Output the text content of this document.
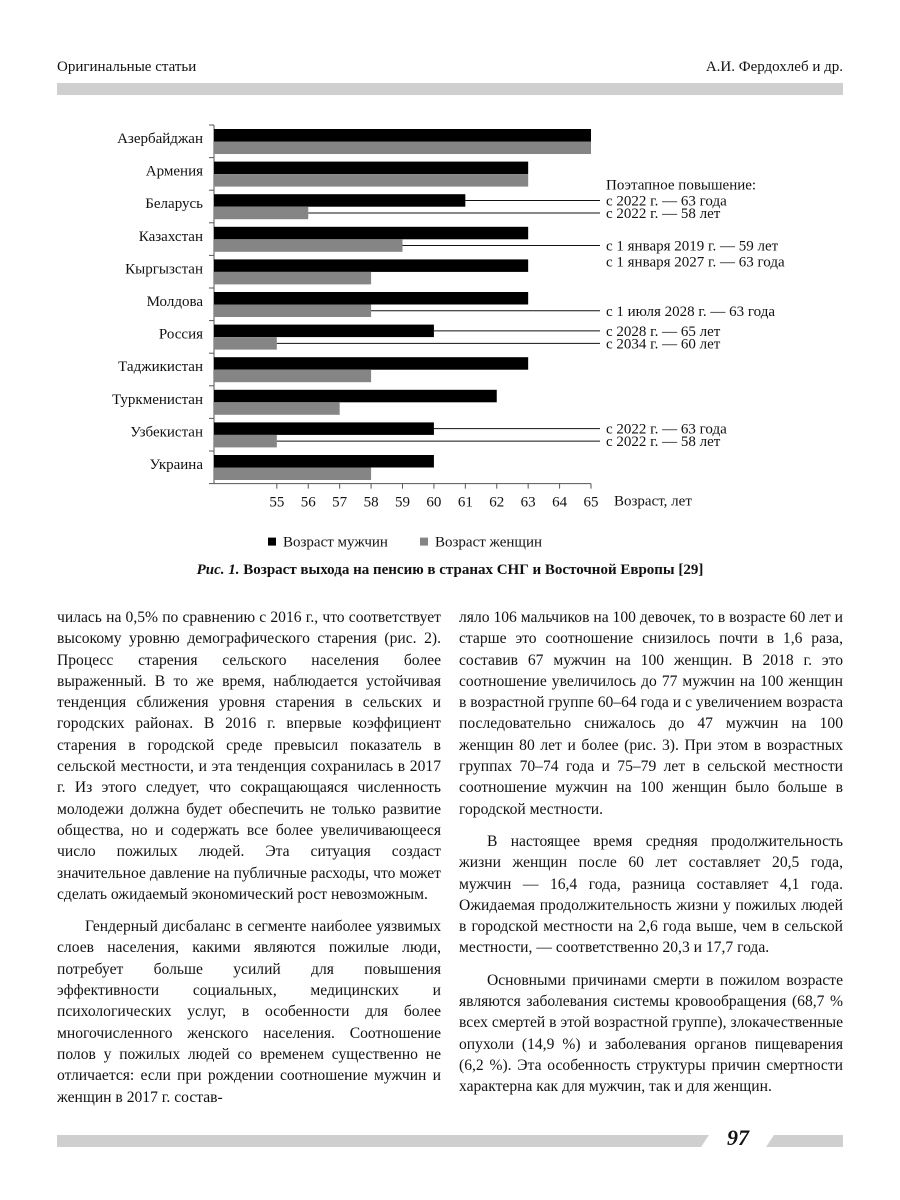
Оригинальные статьи	А.И. Фердохлеб и др.
55 56 57 58 59 60 61 62 63 64 65 Возраст, лет
Азербайджан
Армения
Беларусь
Казахстан
Кыргызстан
Молдова
Россия
Таджикистан
Туркменистан
Узбекистан
Украина
Поэтапное повышение:
с 2022 г. — 63 года
с 2022 г. — 58 лет
с 1 января 2019 г. — 59 лет
с 1 января 2027 г. — 63 года
с 1 июля 2028 г. — 63 года
с 2028 г. — 65 лет
с 2034 г. — 60 лет
с 2022 г. — 63 года
с 2022 г. — 58 лет
Возраст мужчин	Возраст женщин
Рис. 1. Возраст выхода на пенсию в странах СНГ и Восточной Европы [29]

чилась на 0,5% по сравнению с 2016 г., что соответствует высокому уровню демографического старения (рис. 2). Процесс старения сельского населения более выраженный. В то же время, наблюдается устойчивая тенденция сближения уровня старения в сельских и городских районах. В 2016 г. впервые коэффициент старения в городской среде превысил показатель в сельской местности, и эта тенденция сохранилась в 2017 г. Из этого следует, что сокращающаяся численность молодежи должна будет обеспечить не только развитие общества, но и содержать все более увеличивающееся число пожилых людей. Эта ситуация создаст значительное давление на публичные расходы, что может сделать ожидаемый экономический рост невозможным.

Гендерный дисбаланс в сегменте наиболее уязвимых слоев населения, какими являются пожилые люди, потребует больше усилий для повышения эффективности социальных, медицинских и психологических услуг, в особенности для более многочисленного женского населения. Соотношение полов у пожилых людей со временем существенно не отличается: если при рождении соотношение мужчин и женщин в 2017 г. состав-

ляло 106 мальчиков на 100 девочек, то в возрасте 60 лет и старше это соотношение снизилось почти в 1,6 раза, составив 67 мужчин на 100 женщин. В 2018 г. это соотношение увеличилось до 77 мужчин на 100 женщин в возрастной группе 60–64 года и с увеличением возраста последовательно снижалось до 47 мужчин на 100 женщин 80 лет и более (рис. 3). При этом в возрастных группах 70–74 года и 75–79 лет в сельской местности соотношение мужчин на 100 женщин было больше в городской местности.

В настоящее время средняя продолжительность жизни женщин после 60 лет составляет 20,5 года, мужчин — 16,4 года, разница составляет 4,1 года. Ожидаемая продолжительность жизни у пожилых людей в городской местности на 2,6 года выше, чем в сельской местности, — соответственно 20,3 и 17,7 года.

Основными причинами смерти в пожилом возрасте являются заболевания системы кровообращения (68,7 % всех смертей в этой возрастной группе), злокачественные опухоли (14,9 %) и заболевания органов пищеварения (6,2 %). Эта особенность структуры причин смертности характерна как для мужчин, так и для женщин.

97
